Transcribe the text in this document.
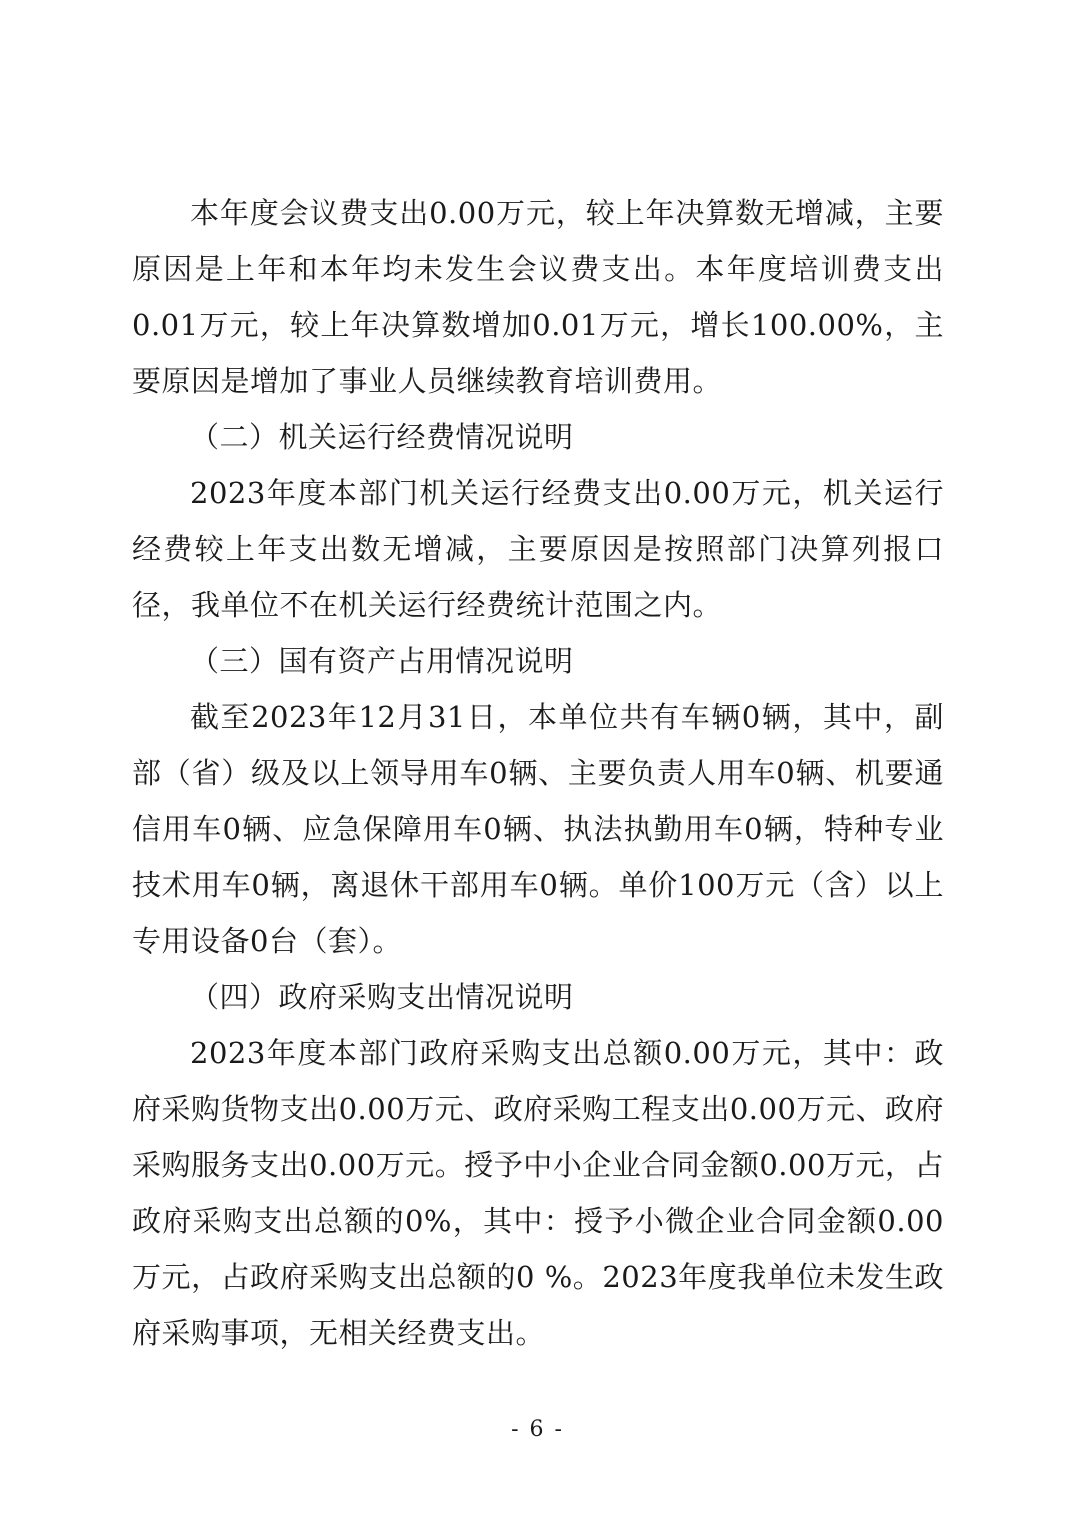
本年度会议费支出0.00万元，较上年决算数无增减，主要原因是上年和本年均未发生会议费支出。本年度培训费支出0.01万元，较上年决算数增加0.01万元，增长100.00%，主要原因是增加了事业人员继续教育培训费用。

（二）机关运行经费情况说明

2023年度本部门机关运行经费支出0.00万元，机关运行经费较上年支出数无增减，主要原因是按照部门决算列报口径，我单位不在机关运行经费统计范围之内。

（三）国有资产占用情况说明

截至2023年12月31日，本单位共有车辆0辆，其中，副部（省）级及以上领导用车0辆、主要负责人用车0辆、机要通信用车0辆、应急保障用车0辆、执法执勤用车0辆，特种专业技术用车0辆，离退休干部用车0辆。单价100万元（含）以上专用设备0台（套）。

（四）政府采购支出情况说明

2023年度本部门政府采购支出总额0.00万元，其中：政府采购货物支出0.00万元、政府采购工程支出0.00万元、政府采购服务支出0.00万元。授予中小企业合同金额0.00万元，占政府采购支出总额的0%，其中：授予小微企业合同金额0.00万元，占政府采购支出总额的0 %。2023年度我单位未发生政府采购事项，无相关经费支出。

- 6 -
